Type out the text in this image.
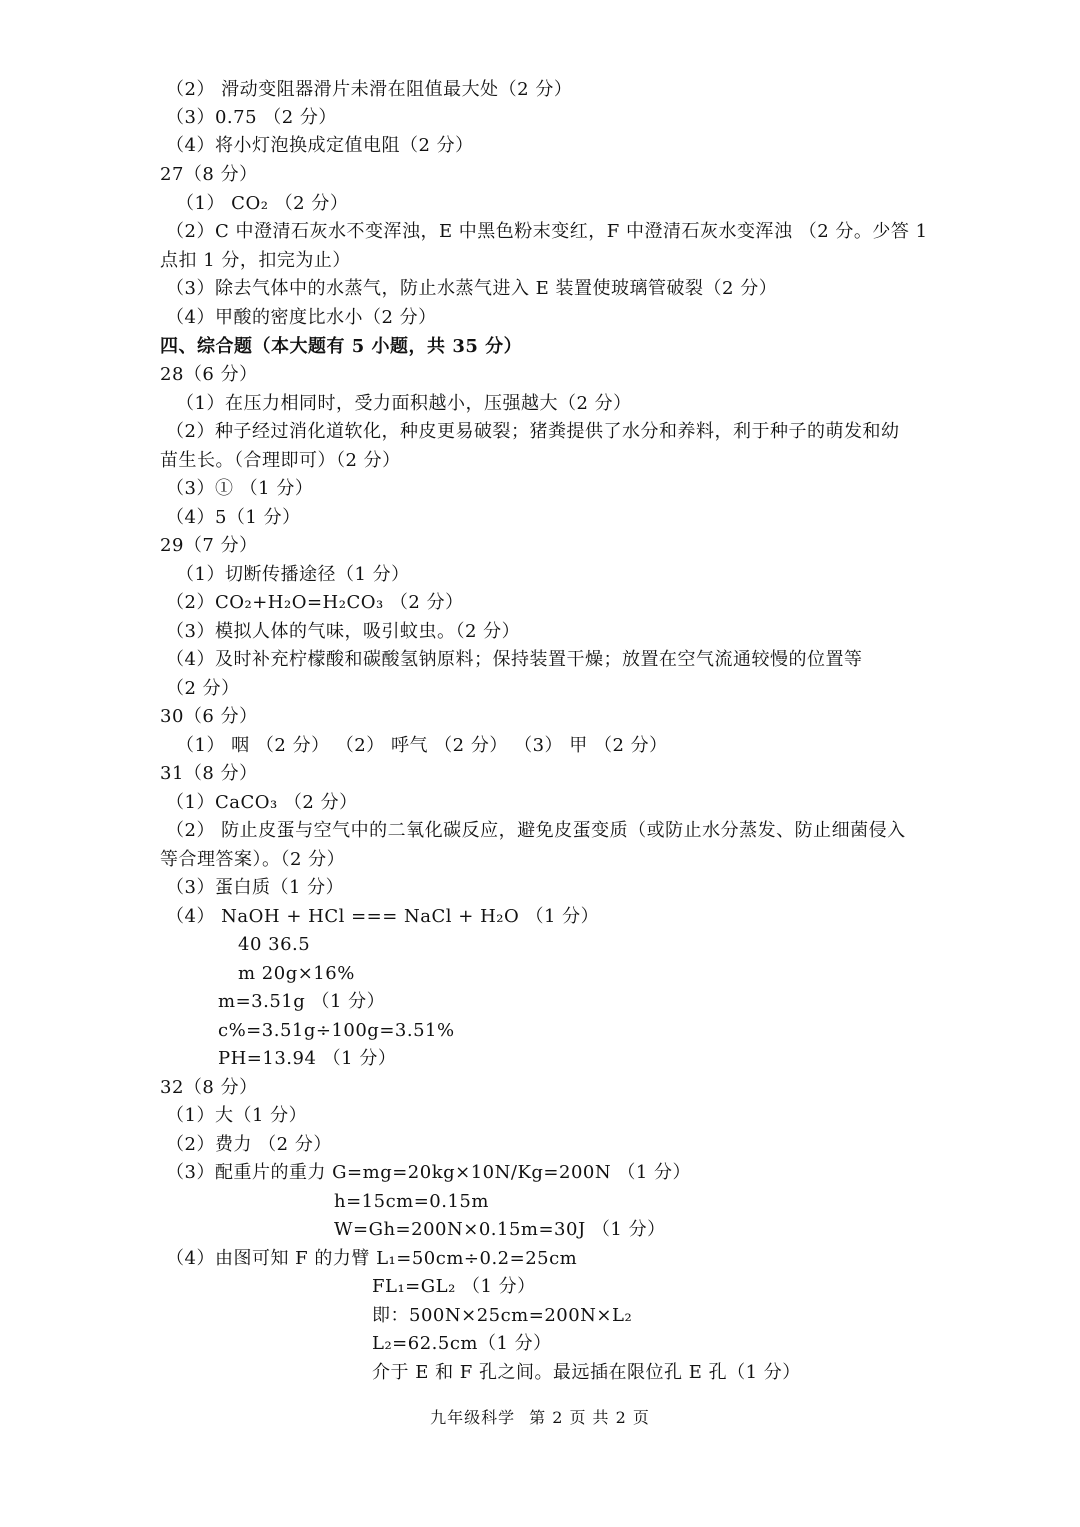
（2） 滑动变阻器滑片未滑在阻值最大处（2 分）
（3）0.75 （2 分）
（4）将小灯泡换成定值电阻（2 分）
27（8 分）
（1） CO₂ （2 分）
（2）C 中澄清石灰水不变浑浊，E 中黑色粉末变红，F 中澄清石灰水变浑浊 （2 分。少答 1
点扣 1 分，扣完为止）
（3）除去气体中的水蒸气，防止水蒸气进入 E 装置使玻璃管破裂（2 分）
（4）甲酸的密度比水小（2 分）
四、综合题（本大题有 5 小题，共 35 分）
28（6 分）
（1）在压力相同时，受力面积越小，压强越大（2 分）
（2）种子经过消化道软化，种皮更易破裂；猪粪提供了水分和养料，利于种子的萌发和幼
苗生长。（合理即可）（2 分）
（3）① （1 分）
（4）5（1 分）
29（7 分）
（1）切断传播途径（1 分）
（2）CO₂+H₂O=H₂CO₃ （2 分）
（3）模拟人体的气味，吸引蚊虫。（2 分）
（4）及时补充柠檬酸和碳酸氢钠原料；保持装置干燥；放置在空气流通较慢的位置等
（2 分）
30（6 分）
（1） 咽 （2 分） （2） 呼气 （2 分） （3） 甲 （2 分）
31（8 分）
（1）CaCO₃ （2 分）
（2） 防止皮蛋与空气中的二氧化碳反应，避免皮蛋变质（或防止水分蒸发、防止细菌侵入
等合理答案）。（2 分）
（3）蛋白质（1 分）
（4） NaOH + HCl === NaCl + H₂O （1 分）
40 36.5
m 20g×16%
m=3.51g （1 分）
c%=3.51g÷100g=3.51%
PH=13.94 （1 分）
32（8 分）
（1）大（1 分）
（2）费力 （2 分）
（3）配重片的重力 G=mg=20kg×10N/Kg=200N （1 分）
h=15cm=0.15m
W=Gh=200N×0.15m=30J （1 分）
（4）由图可知 F 的力臂 L₁=50cm÷0.2=25cm
FL₁=GL₂ （1 分）
即：500N×25cm=200N×L₂
L₂=62.5cm（1 分）
介于 E 和 F 孔之间。最远插在限位孔 E 孔（1 分）
九年级科学 第 2 页 共 2 页
